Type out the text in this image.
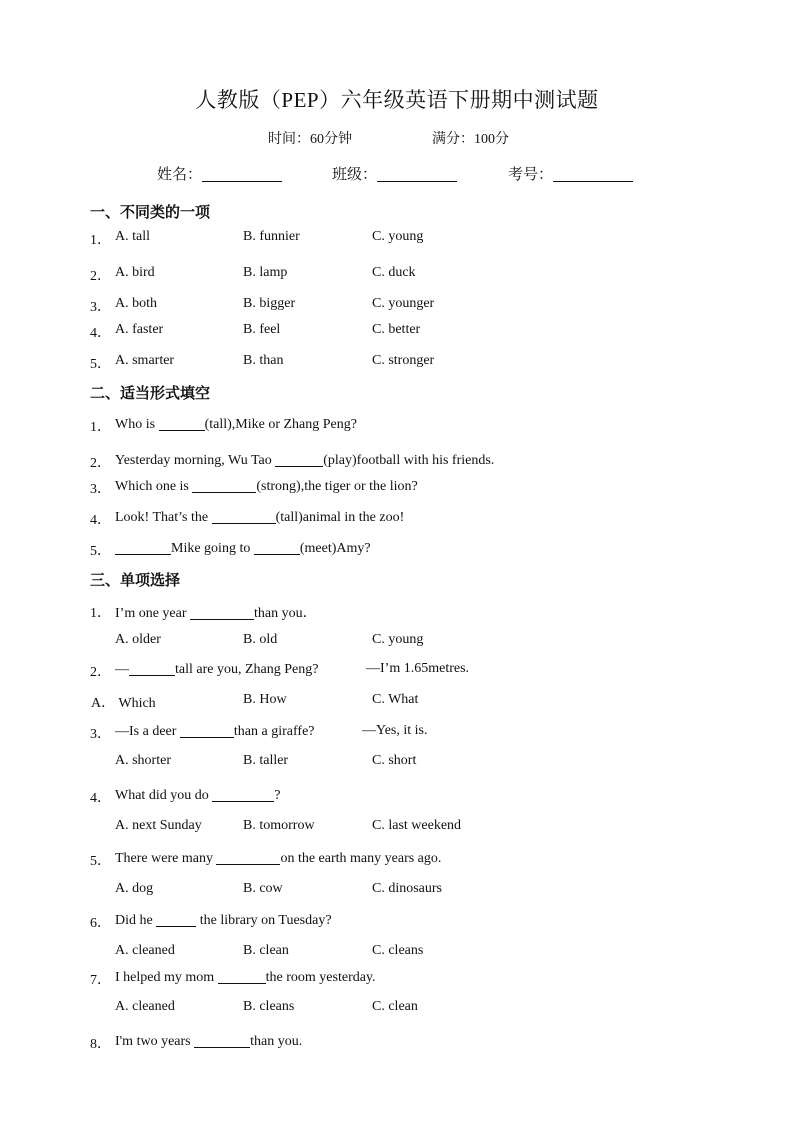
人教版（PEP）六年级英语下册期中测试题
时间：60分钟	满分：100分
姓名：	班级：	考号：
一、不同类的一项
1． A. tall	B. funnier	C. young
2． A. bird	B. lamp	C. duck
3． A. both	B. bigger	C. younger
4． A. faster	B. feel	C. better
5． A. smarter	B. than	C. stronger
二、适当形式填空
1． Who is	(tall),Mike or Zhang Peng?
2． Yesterday morning, Wu Tao	(play)football with his friends.
3． Which one is	(strong),the tiger or the lion?
4． Look! That’s the	(tall)animal in the zoo!
5．	Mike going to	(meet)Amy?
三、单项选择
1． I’m one year	than you．
A. older	B. old	C. young
2． —	tall are you, Zhang Peng?	—I’m 1.65metres.
A． Which	B. How	C. What
3． —Is a deer	than a giraffe?	—Yes, it is.
A. shorter	B. taller	C. short
4． What did you do	?
A. next Sunday	B. tomorrow	C. last weekend
5． There were many	on the earth many years ago.
A. dog	B. cow	C. dinosaurs
6． Did he	the library on Tuesday?
A. cleaned	B. clean	C. cleans
7． I helped my mom	the room yesterday.
A. cleaned	B. cleans	C. clean
8． I'm two years	than you.
